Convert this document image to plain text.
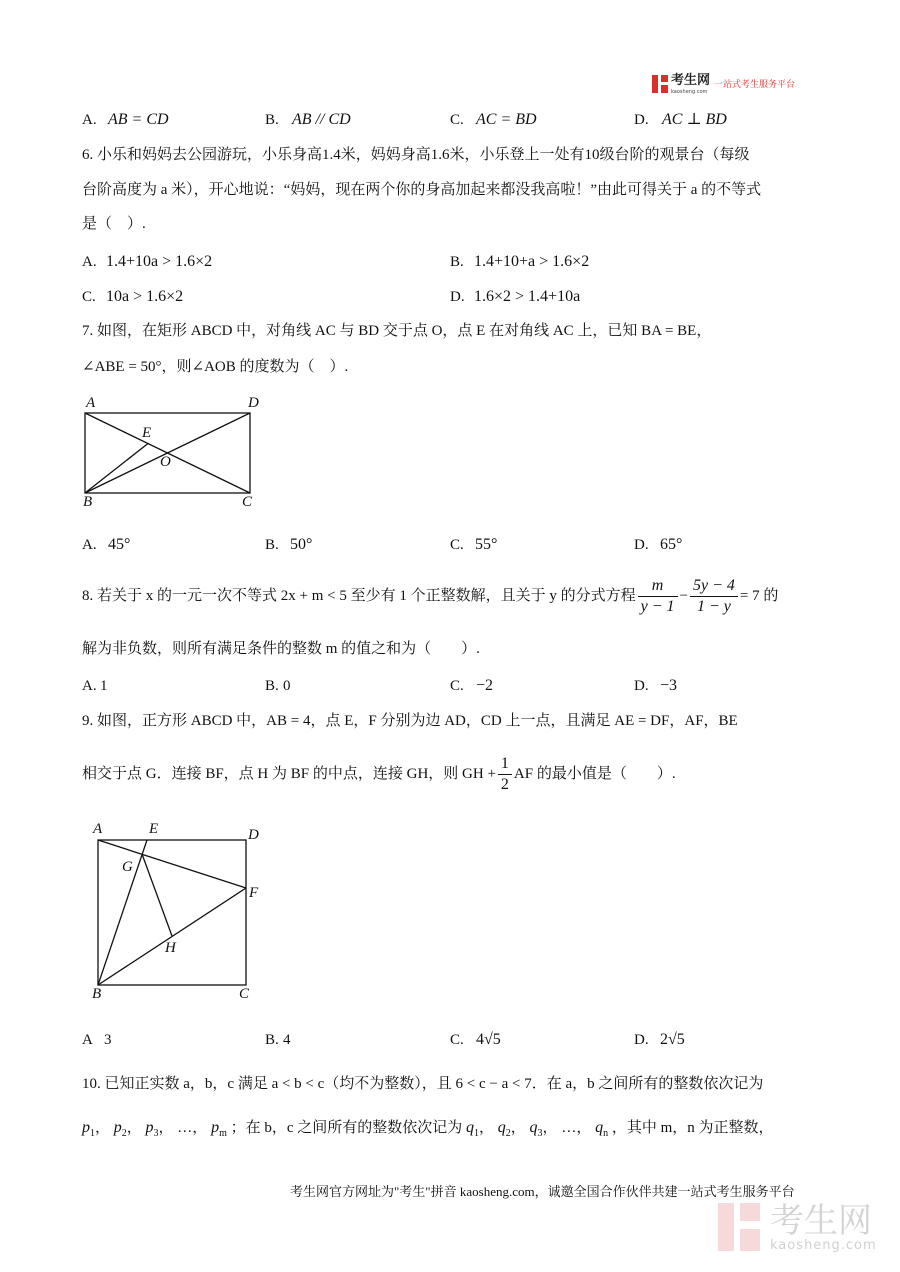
考生网
kaosheng.com
一站式考生服务平台
A. AB = CD	B. AB // CD	C. AC = BD	D. AC ⊥ BD
6. 小乐和妈妈去公园游玩，小乐身高1.4米，妈妈身高1.6米，小乐登上一处有10级台阶的观景台（每级
台阶高度为 a 米），开心地说：“妈妈，现在两个你的身高加起来都没我高啦！”由此可得关于 a 的不等式
是（　）.
A. 1.4+10a > 1.6×2	B. 1.4+10+a > 1.6×2
C. 10a > 1.6×2	D. 1.6×2 > 1.4+10a
7. 如图，在矩形 ABCD 中，对角线 AC 与 BD 交于点 O，点 E 在对角线 AC 上，已知 BA = BE，
∠ABE = 50°，则∠AOB 的度数为（　）.
A	D
E
O
B	C
A. 45°	B. 50°	C. 55°	D. 65°
8. 若关于 x 的一元一次不等式 2x + m < 5 至少有 1 个正整数解，且关于 y 的分式方程 $\frac{m}{y - 1} - \frac{5y - 4}{1 - y} = 7$ 的
解为非负数，则所有满足条件的整数 m 的值之和为（　　）.
A. 1	B. 0	C. −2	D. −3
9. 如图，正方形 ABCD 中，AB = 4，点 E，F 分别为边 AD，CD 上一点，且满足 AE = DF，AF，BE
相交于点 G．连接 BF，点 H 为 BF 的中点，连接 GH，则 GH + $\frac{1}{2}$ AF 的最小值是（　　）.
A	E	D
G
F
H
B	C
A 3	B. 4	C. 4√5	D. 2√5
10. 已知正实数 a，b，c 满足 a < b < c（均不为整数），且 6 < c − a < 7．在 a，b 之间所有的整数依次记为
$p_1$， $p_2$， $p_3$， …， $p_m$ ；在 b，c 之间所有的整数依次记为 $q_1$， $q_2$， $q_3$， …， $q_n$ ，其中 m，n 为正整数，
考生网官方网址为"考生"拼音 kaosheng.com，诚邀全国合作伙伴共建一站式考生服务平台
考生网
kaosheng.com
